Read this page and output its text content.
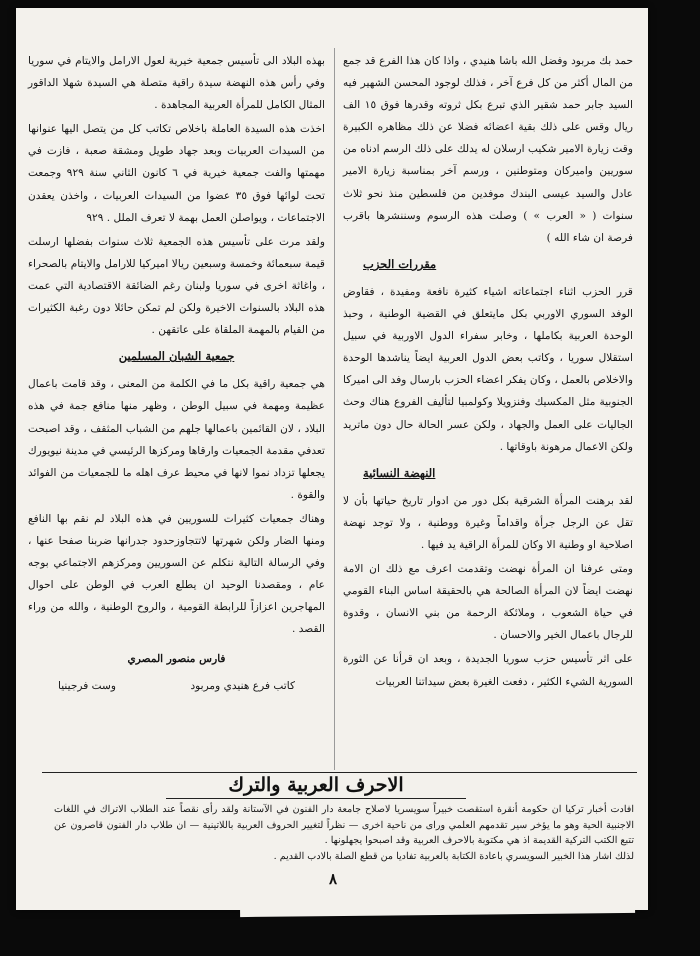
حمد بك مربود وفضل الله باشا هنيدي ، واذا كان هذا الفرع قد جمع من المال أكثر من كل فرع آخر ، فذلك لوجود المحسن الشهير فيه السيد جابر حمد شقير الذي تبرع بكل ثروته وقدرها فوق ١٥ الف ريال وقس على ذلك بقية اعضائه فضلا عن ذلك مظاهره الكبيرة وقت زيارة الامير شكيب ارسلان له يدلك على ذلك الرسم ادناه من سوريين واميركان ومتوطنين ، ورسم آخر بمناسبة زيارة الامير عادل والسيد عيسى البندك موفدين من فلسطين منذ نحو ثلاث سنوات ( « العرب » ) وصلت هذه الرسوم وسننشرها باقرب فرصة ان شاء الله )

مقررات الحزب

قرر الحزب اثناء اجتماعاته اشياء كثيرة نافعة ومفيدة ، فقاوض الوفد السوري الاوربي بكل مايتعلق في القضية الوطنية ، وحبذ الوحدة العربية بكاملها ، وخابر سفراء الدول الاوربية في سبيل استقلال سوريا ، وكاتب بعض الدول العربية ايضاً يناشدها الوحدة والاخلاص بالعمل ، وكان يفكر اعضاء الحزب بارسال وفد الى اميركا الجنوبية مثل المكسيك وفنزويلا وكولمبيا لتأليف الفروع هناك وحث الجاليات على العمل والجهاد ، ولكن عسر الحالة حال دون ماتريد ولكن الاعمال مرهونة باوقاتها .

النهضة النسائية

لقد برهنت المرأة الشرقية بكل دور من ادوار تاريخ حياتها بأن لا تقل عن الرجل جرأة واقداماً وغيرة ووطنية ، ولا توجد نهضة اصلاحية او وطنية الا وكان للمرأة الراقية يد فيها .

ومتى عرفنا ان المرأة نهضت وتقدمت اعرف مع ذلك ان الامة نهضت ايضاً لان المرأة الصالحة هي بالحقيقة اساس البناء القومي في حياة الشعوب ، وملائكة الرحمة من بني الانسان ، وقدوة للرجال باعمال الخير والاحسان .

على اثر تأسيس حزب سوريا الجديدة ، وبعد ان قرأنا عن الثورة السورية الشيء الكثير ، دفعت الغيرة بعض سيداتنا العربيات

بهذه البلاد الى تأسيس جمعية خيرية لعول الارامل والايتام في سوريا وفي رأس هذه النهضة سيدة راقية متصلة هي السيدة شهلا الداقور المثال الكامل للمرأة العربية المجاهدة .

اخذت هذه السيدة العاملة باخلاص تكاتب كل من يتصل اليها عنوانها من السيدات العربيات وبعد جهاد طويل ومشقة صعبة ، فازت في مهمتها والفت جمعية خيرية في ٦ كانون الثاني سنة ٩٢٩ وجمعت تحت لوائها فوق ٣٥ عضوا من السيدات العربيات ، واخذن يعقدن الاجتماعات ، ويواصلن العمل بهمة لا تعرف الملل . ٩٢٩

ولقد مرت على تأسيس هذه الجمعية ثلاث سنوات بفضلها ارسلت قيمة سبعمائة وخمسة وسبعين ريالا اميركيا للارامل والايتام بالصحراء ، واغاثة اخرى في سوريا ولبنان رغم الضائقة الاقتصادية التي عمت هذه البلاد بالسنوات الاخيرة ولكن لم تمكن حائلا دون رغبة الكثيرات من القيام بالمهمة الملقاة على عاتقهن .

جمعية الشبان المسلمين

هي جمعية راقية بكل ما في الكلمة من المعنى ، وقد قامت باعمال عظيمة ومهمة في سبيل الوطن ، وظهر منها منافع جمة في هذه البلاد ، لان القائمين باعمالها جلهم من الشباب المثقف ، وقد اصبحت تعدفي مقدمة الجمعيات وارقاها ومركزها الرئيسي في مدينة نيويورك يجعلها تزداد نموا لانها في محيط عرف اهله ما للجمعيات من الفوائد والقوة .

وهناك جمعيات كثيرات للسوريين في هذه البلاد لم نقم بها النافع ومنها الضار ولكن شهرتها لاتتجاوزحدود جدرانها ضربنا صفحا عنها ، وفي الرسالة التالية نتكلم عن السوريين ومركزهم الاجتماعي بوجه عام ، ومقصدنا الوحيد ان يطلع العرب في الوطن على احوال المهاجرين اعزازاً للرابطة القومية ، والروح الوطنية ، والله من وراء القصد .

فارس منصور المصري

كاتب فرع هنيدي ومربود
وست فرجينيا
الاحرف العربية والترك
افادت أخبار تركيا ان حكومة أنقرة استقصت خبيراً سويسريا لاصلاح جامعة دار الفنون في الآستانة ولقد رأى نقصاً عند الطلاب الاتراك في اللغات الاجنبية الحية وهو ما يؤخر سير تقدمهم العلمي وراى من ناحية اخرى — نظراً لتغيير الحروف العربية باللاتينية — ان طلاب دار الفنون قاصرون عن تتبع الكتب التركية القديمة اذ هي مكتوبة بالاحرف العربية وقد اصبحوا يجهلونها .
لذلك اشار هذا الخبير السويسري باعادة الكتابة بالعربية تفاديا من قطع الصلة بالادب القديم .
٨
